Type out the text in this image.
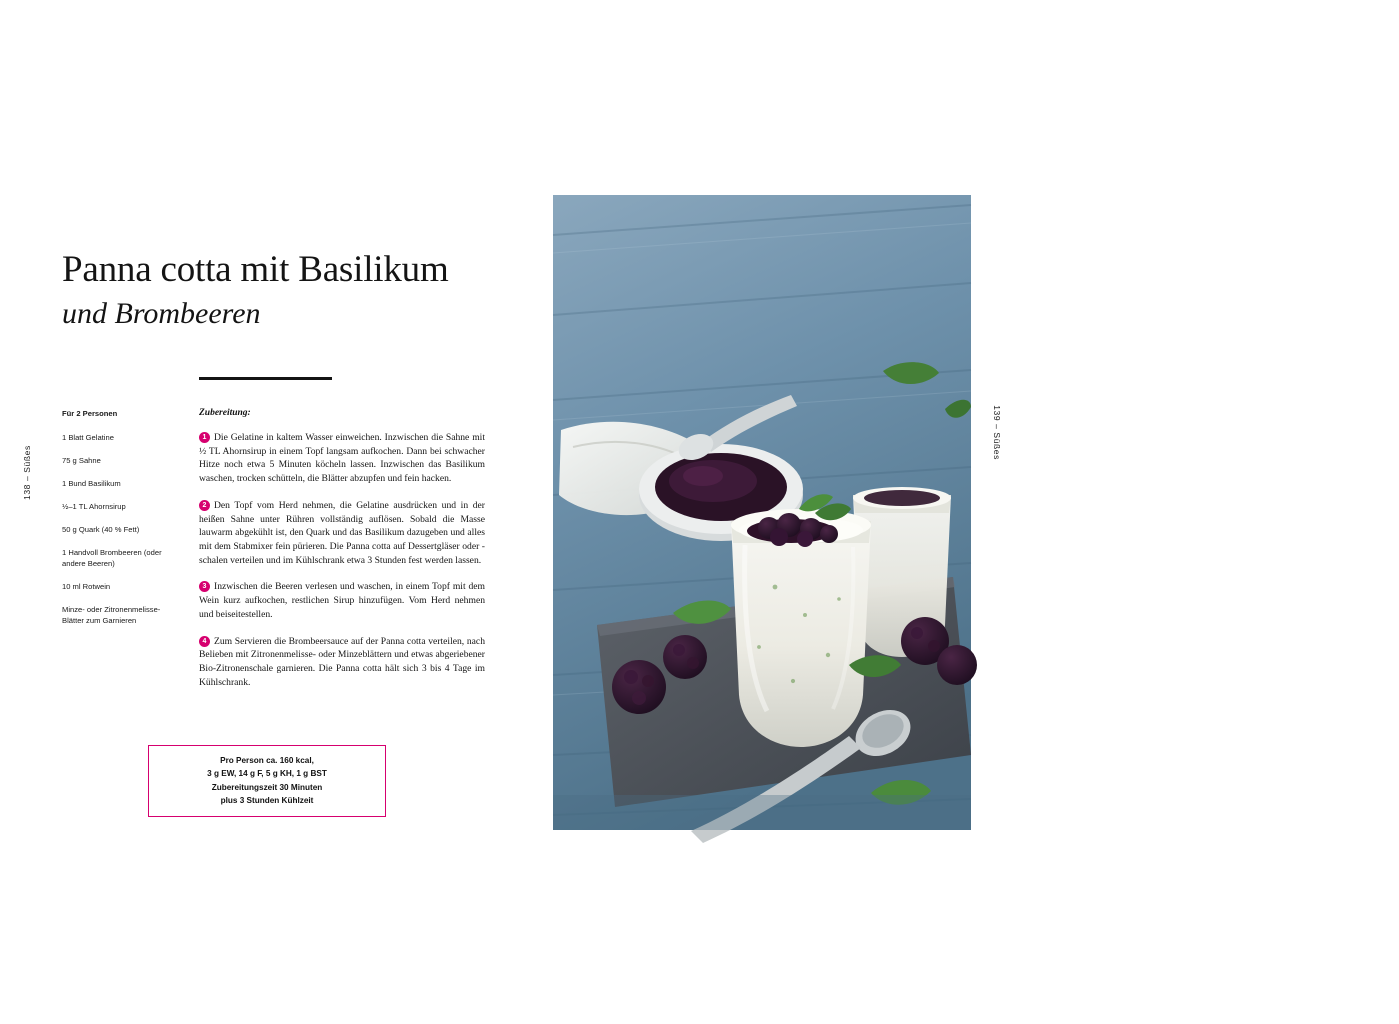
138 – Süßes
139 – Süßes
Panna cotta mit Basilikum
und Brombeeren
Für 2 Personen
1 Blatt Gelatine
75 g Sahne
1 Bund Basilikum
½–1 TL Ahornsirup
50 g Quark (40 % Fett)
1 Handvoll Brombeeren (oder andere Beeren)
10 ml Rotwein
Minze- oder Zitronenmelisse-Blätter zum Garnieren
Zubereitung:
1 Die Gelatine in kaltem Wasser einweichen. Inzwischen die Sahne mit ½ TL Ahornsirup in einem Topf langsam aufkochen. Dann bei schwacher Hitze noch etwa 5 Minuten köcheln lassen. Inzwischen das Basilikum waschen, trocken schütteln, die Blätter abzupfen und fein hacken.
2 Den Topf vom Herd nehmen, die Gelatine ausdrücken und in der heißen Sahne unter Rühren vollständig auflösen. Sobald die Masse lauwarm abgekühlt ist, den Quark und das Basilikum dazugeben und alles mit dem Stabmixer fein pürieren. Die Panna cotta auf Dessertgläser oder -schalen verteilen und im Kühlschrank etwa 3 Stunden fest werden lassen.
3 Inzwischen die Beeren verlesen und waschen, in einem Topf mit dem Wein kurz aufkochen, restlichen Sirup hinzufügen. Vom Herd nehmen und beiseitestellen.
4 Zum Servieren die Brombeersauce auf der Panna cotta verteilen, nach Belieben mit Zitronenmelisse- oder Minzeblättern und etwas abgeriebener Bio-Zitronenschale garnieren. Die Panna cotta hält sich 3 bis 4 Tage im Kühlschrank.
Pro Person ca. 160 kcal,
3 g EW, 14 g F, 5 g KH, 1 g BST
Zubereitungszeit 30 Minuten
plus 3 Stunden Kühlzeit
Dunkle Beeren liefern viele Antioxidantien, vor allem aus der Gruppe der Anthocyane. Diese können zell- und gefäßschädigende freie Radikale im Körper reduzieren. Durch Erhitzen steigert sich sogar noch die antioxidative Wirkung der Beeren.
